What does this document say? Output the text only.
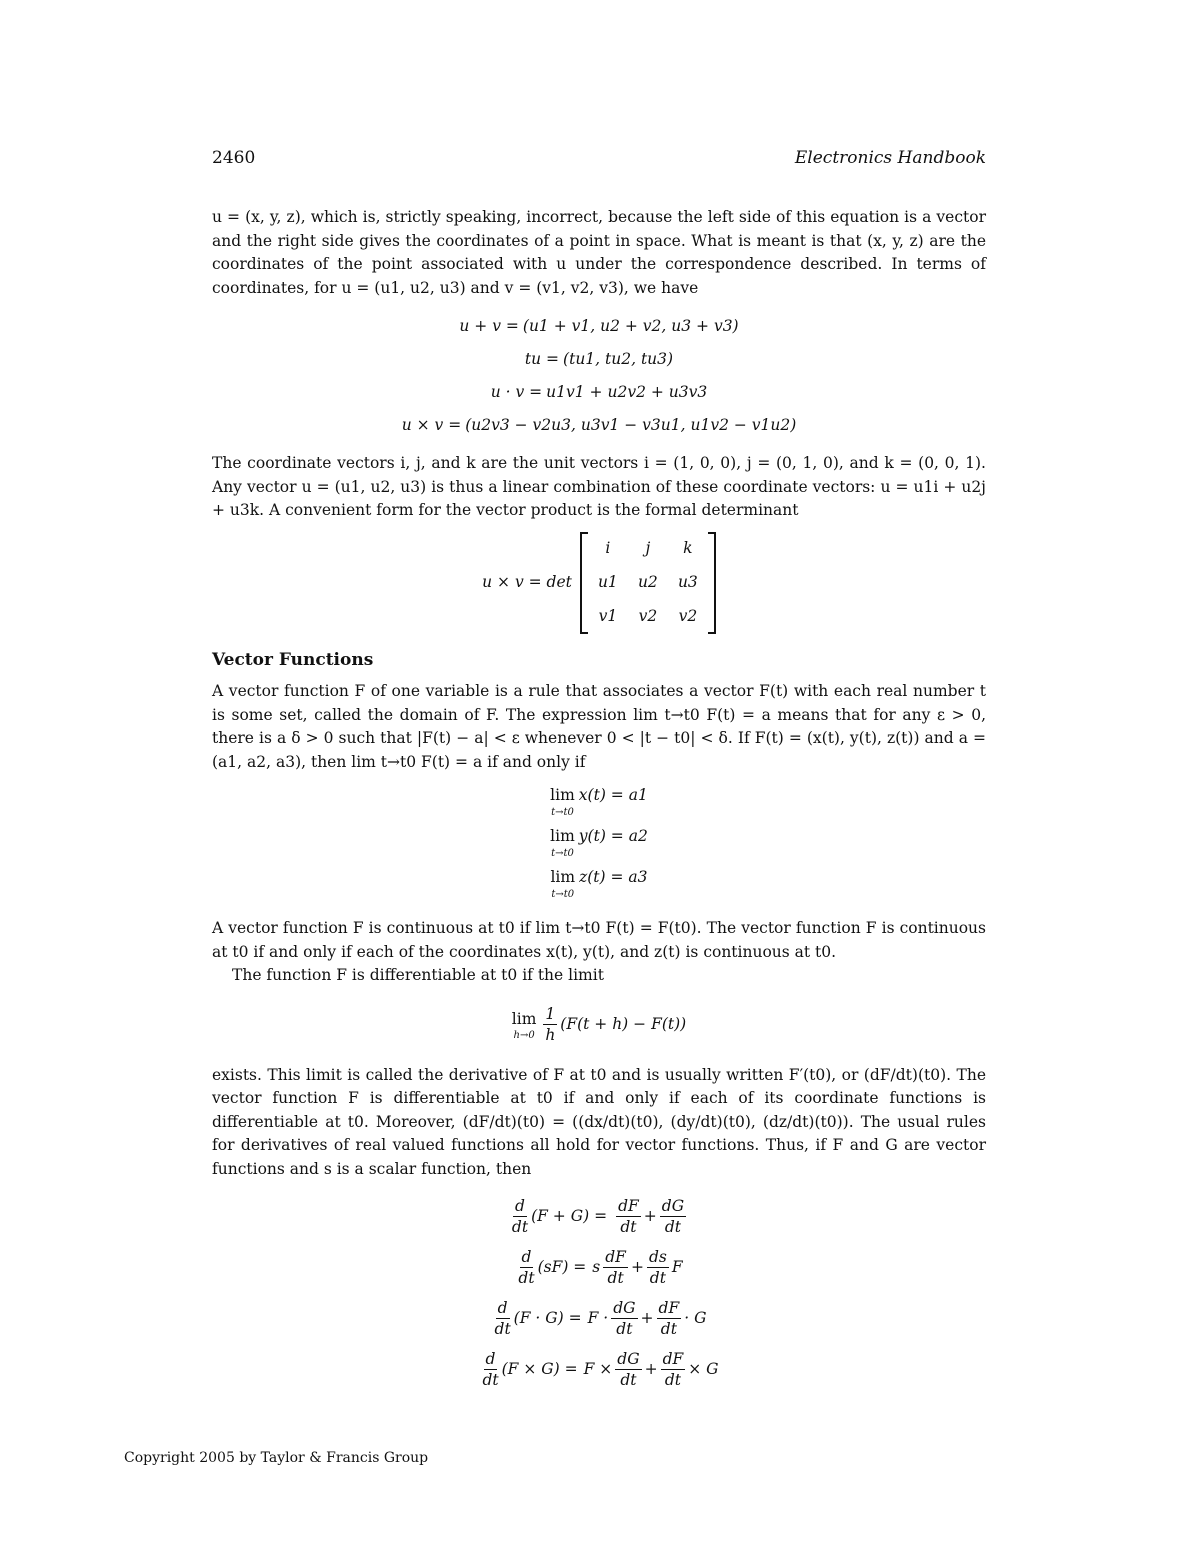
2460	Electronics Handbook

u = (x, y, z), which is, strictly speaking, incorrect, because the left side of this equation is a vector and the right side gives the coordinates of a point in space. What is meant is that (x, y, z) are the coordinates of the point associated with u under the correspondence described. In terms of coordinates, for u = (u1, u2, u3) and v = (v1, v2, v3), we have

u + v = (u1 + v1, u2 + v2, u3 + v3)
tu = (tu1, tu2, tu3)
u · v = u1v1 + u2v2 + u3v3
u × v = (u2v3 − v2u3, u3v1 − v3u1, u1v2 − v1u2)

The coordinate vectors i, j, and k are the unit vectors i = (1, 0, 0), j = (0, 1, 0), and k = (0, 0, 1). Any vector u = (u1, u2, u3) is thus a linear combination of these coordinate vectors: u = u1i + u2j + u3k. A convenient form for the vector product is the formal determinant

u × v = det
i	j	k
u1	u2	u3
v1	v2	v2
Vector Functions

A vector function F of one variable is a rule that associates a vector F(t) with each real number t is some set, called the domain of F. The expression lim t→t0 F(t) = a means that for any ε > 0, there is a δ > 0 such that |F(t) − a| < ε whenever 0 < |t − t0| < δ. If F(t) = (x(t), y(t), z(t)) and a = (a1, a2, a3), then lim t→t0 F(t) = a if and only if

lim
t→t0
x(t) = a1
lim
t→t0
y(t) = a2
lim
t→t0
z(t) = a3

A vector function F is continuous at t0 if lim t→t0 F(t) = F(t0). The vector function F is continuous at t0 if and only if each of the coordinates x(t), y(t), and z(t) is continuous at t0.

The function F is differentiable at t0 if the limit

lim
$h\to 0 \frac{1}{h} (F(t + h) - F(t))$

exists. This limit is called the derivative of F at t0 and is usually written F′(t0), or (dF/dt)(t0). The vector function F is differentiable at t0 if and only if each of its coordinate functions is differentiable at t0. Moreover, (dF/dt)(t0) = ((dx/dt)(t0), (dy/dt)(t0), (dz/dt)(t0)). The usual rules for derivatives of real valued functions all hold for vector functions. Thus, if F and G are vector functions and s is a scalar function, then

$\frac{d}{dt} (F + G) = \frac{dF}{dt} + \frac{dG}{dt}$
$\frac{d}{dt} (sF) = s \frac{dF}{dt} + \frac{ds}{dt}$ F
$\frac{d}{dt} (F \cdot G) = F \cdot \frac{dG}{dt} + \frac{dF}{dt} \cdot G$
$\frac{d}{dt} (F \times G) = F \times \frac{dG}{dt} + \frac{dF}{dt} \times G$
Copyright 2005 by Taylor & Francis Group
